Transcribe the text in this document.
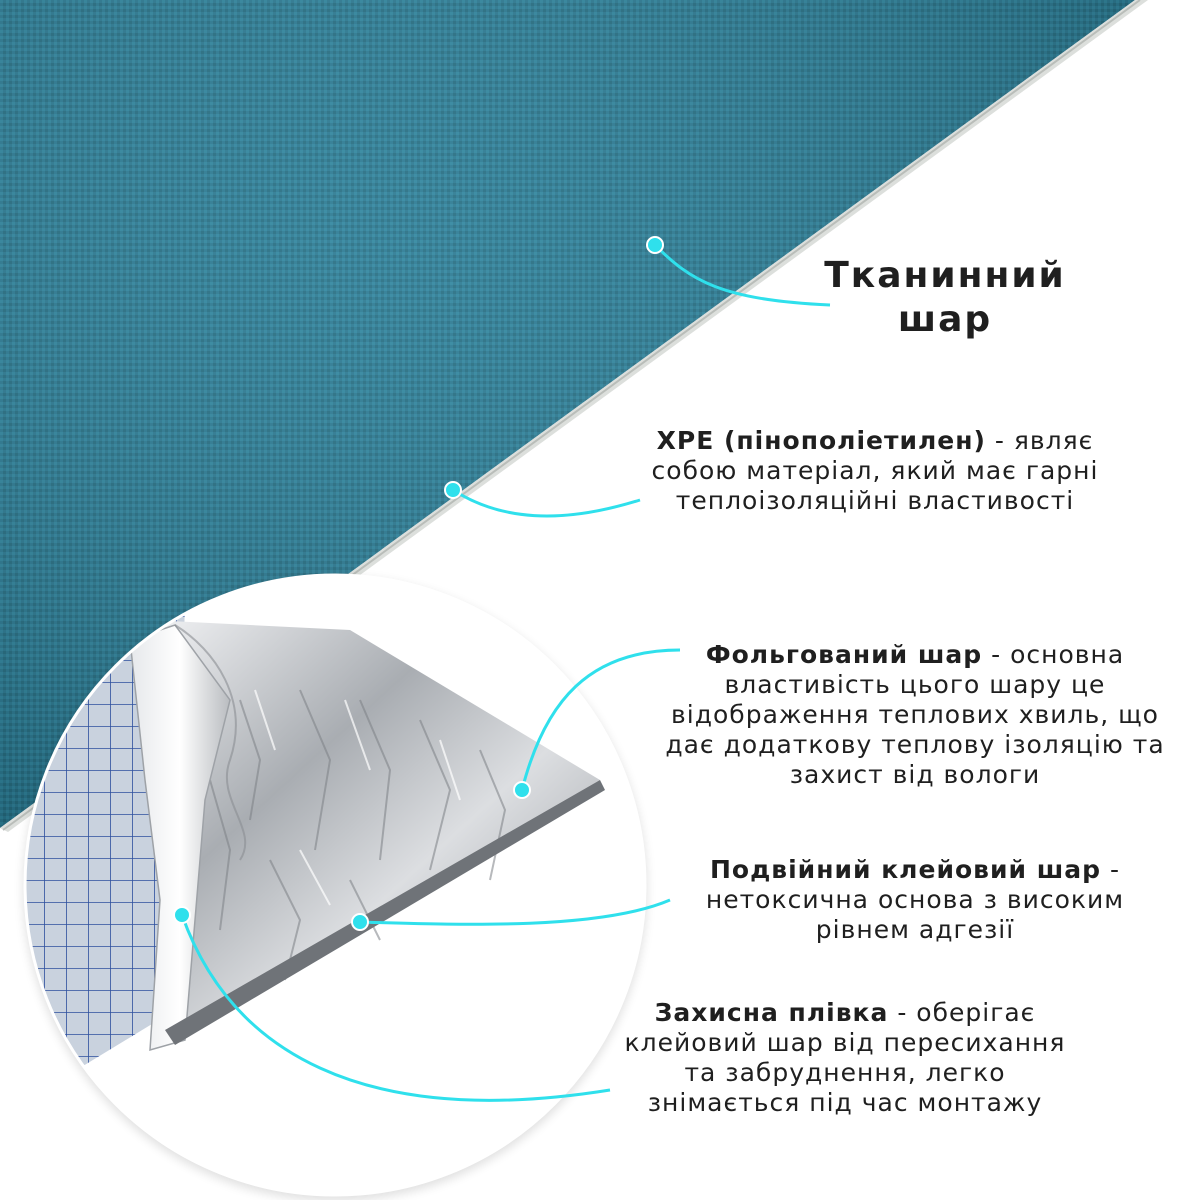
Тканинний
шар
XPE (пінополіетилен) - являє собою матеріал, який має гарні теплоізоляційні властивості
Фольгований шар - основна властивість цього шару це відображення теплових хвиль, що дає додаткову теплову ізоляцію та захист від вологи
Подвійний клейовий шар - нетоксична основа з високим рівнем адгезії
Захисна плівка - оберігає клейовий шар від пересихання та забруднення, легко знімається під час монтажу
